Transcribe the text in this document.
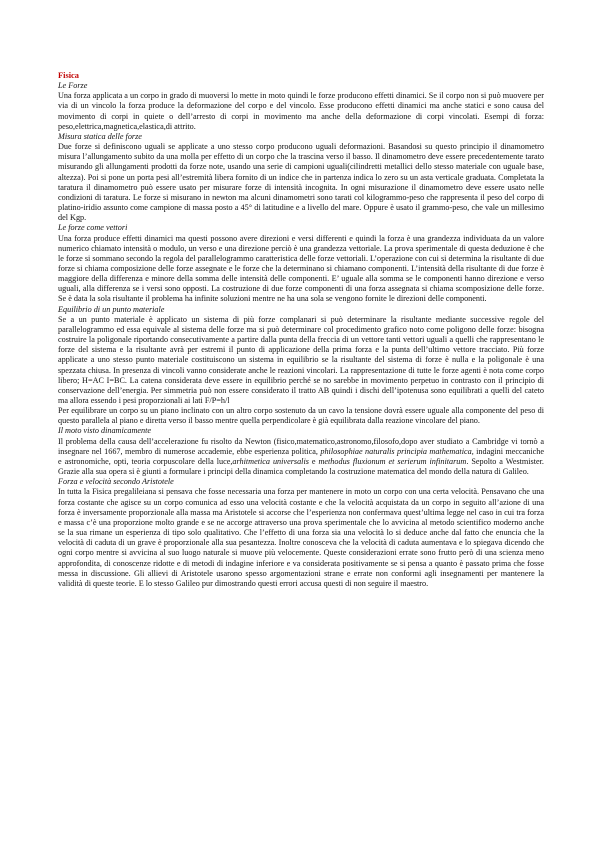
Fisica

Le Forze

Una forza applicata a un corpo in grado di muoversi lo mette in moto quindi le forze producono effetti dinamici. Se il corpo non si può muovere per via di un vincolo la forza produce la deformazione del corpo e del vincolo. Esse producono effetti dinamici ma anche statici e sono causa del movimento di corpi in quiete o dell’arresto di corpi in movimento ma anche della deformazione di corpi vincolati. Esempi di forza: peso,elettrica,magnetica,elastica,di attrito.

Misura statica delle forze

Due forze si definiscono uguali se applicate a uno stesso corpo producono uguali deformazioni. Basandosi su questo principio il dinamometro misura l’allungamento subito da una molla per effetto di un corpo che la trascina verso il basso. Il dinamometro deve essere precedentemente tarato misurando gli allungamenti prodotti da forze note, usando una serie di campioni uguali(cilindretti metallici dello stesso materiale con uguale base, altezza). Poi si pone un porta pesi all’estremità libera fornito di un indice che in partenza indica lo zero su un asta verticale graduata. Completata la taratura il dinamometro può essere usato per misurare forze di intensità incognita. In ogni misurazione il dinamometro deve essere usato nelle condizioni di taratura. Le forze si misurano in newton ma alcuni dinamometri sono tarati col kilogrammo-peso che rappresenta il peso del corpo di platino-iridio assunto come campione di massa posto a 45° di latitudine e a livello del mare. Oppure è usato il grammo-peso, che vale un millesimo del Kgp.

Le forze come vettori

Una forza produce effetti dinamici ma questi possono avere direzioni e versi differenti e quindi la forza è una grandezza individuata da un valore numerico chiamato intensità o modulo, un verso e una direzione perciò è una grandezza vettoriale. La prova sperimentale di questa deduzione è che le forze si sommano secondo la regola del parallelogrammo caratteristica delle forze vettoriali. L’operazione con cui si determina la risultante di due forze si chiama composizione delle forze assegnate e le forze che la determinano si chiamano componenti. L’intensità della risultante di due forze è maggiore della differenza e minore della somma delle intensità delle componenti. E’ uguale alla somma se le componenti hanno direzione e verso uguali, alla differenza se i versi sono opposti. La costruzione di due forze componenti di una forza assegnata si chiama scomposizione delle forze. Se è data la sola risultante il problema ha infinite soluzioni mentre ne ha una sola se vengono fornite le direzioni delle componenti.

Equilibrio di un punto materiale

Se a un punto materiale è applicato un sistema di più forze complanari si può determinare la risultante mediante successive regole del parallelogrammo ed essa equivale al sistema delle forze ma si può determinare col procedimento grafico noto come poligono delle forze: bisogna costruire la poligonale riportando consecutivamente a partire dalla punta della freccia di un vettore tanti vettori uguali a quelli che rappresentano le forze del sistema e la risultante avrà per estremi il punto di applicazione della prima forza e la punta dell’ultimo vettore tracciato. Più forze applicate a uno stesso punto materiale costituiscono un sistema in equilibrio se la risultante del sistema di forze è nulla e la poligonale è una spezzata chiusa. In presenza di vincoli vanno considerate anche le reazioni vincolari. La rappresentazione di tutte le forze agenti è nota come corpo libero; H=AC I=BC. La catena considerata deve essere in equilibrio perché se no sarebbe in movimento perpetuo in contrasto con il principio di conservazione dell’energia. Per simmetria può non essere considerato il tratto AB quindi i dischi dell’ipotenusa sono equilibrati a quelli del cateto ma allora essendo i pesi proporzionali ai lati F/P=h/l

Per equilibrare un corpo su un piano inclinato con un altro corpo sostenuto da un cavo la tensione dovrà essere uguale alla componente del peso di questo parallela al piano e diretta verso il basso mentre quella perpendicolare è già equilibrata dalla reazione vincolare del piano.

Il moto visto dinamicamente

Il problema della causa dell’accelerazione fu risolto da Newton (fisico,matematico,astronomo,filosofo,dopo aver studiato a Cambridge vi tornò a insegnare nel 1667, membro di numerose accademie, ebbe esperienza politica, philosophiae naturalis principia mathematica, indagini meccaniche e astronomiche, opti, teoria corpuscolare della luce,arhitmetica universalis e methodus fluxionum et serierum infinitarum. Sepolto a Westmister. Grazie alla sua opera si è giunti a formulare i principi della dinamica completando la costruzione matematica del mondo della natura di Galileo.

Forza e velocità secondo Aristotele

In tutta la Fisica pregalileiana si pensava che fosse necessaria una forza per mantenere in moto un corpo con una certa velocità. Pensavano che una forza costante che agisce su un corpo comunica ad esso una velocità costante e che la velocità acquistata da un corpo in seguito all’azione di una forza è inversamente proporzionale alla massa ma Aristotele si accorse che l’esperienza non confermava quest’ultima legge nel caso in cui tra forza e massa c’è una proporzione molto grande e se ne accorge attraverso una prova sperimentale che lo avvicina al metodo scientifico moderno anche se la sua rimane un esperienza di tipo solo qualitativo. Che l’effetto di una forza sia una velocità lo si deduce anche dal fatto che enuncia che la velocità di caduta di un grave è proporzionale alla sua pesantezza. Inoltre conosceva che la velocità di caduta aumentava e lo spiegava dicendo che ogni corpo mentre si avvicina al suo luogo naturale si muove più velocemente. Queste considerazioni errate sono frutto però di una scienza meno approfondita, di conoscenze ridotte e di metodi di indagine inferiore e va considerata positivamente se si pensa a quanto è passato prima che fosse messa in discussione. Gli allievi di Aristotele usarono spesso argomentazioni strane e errate non conformi agli insegnamenti per mantenere la validità di queste teorie. E lo stesso Galileo pur dimostrando questi errori accusa questi di non seguire il maestro.
